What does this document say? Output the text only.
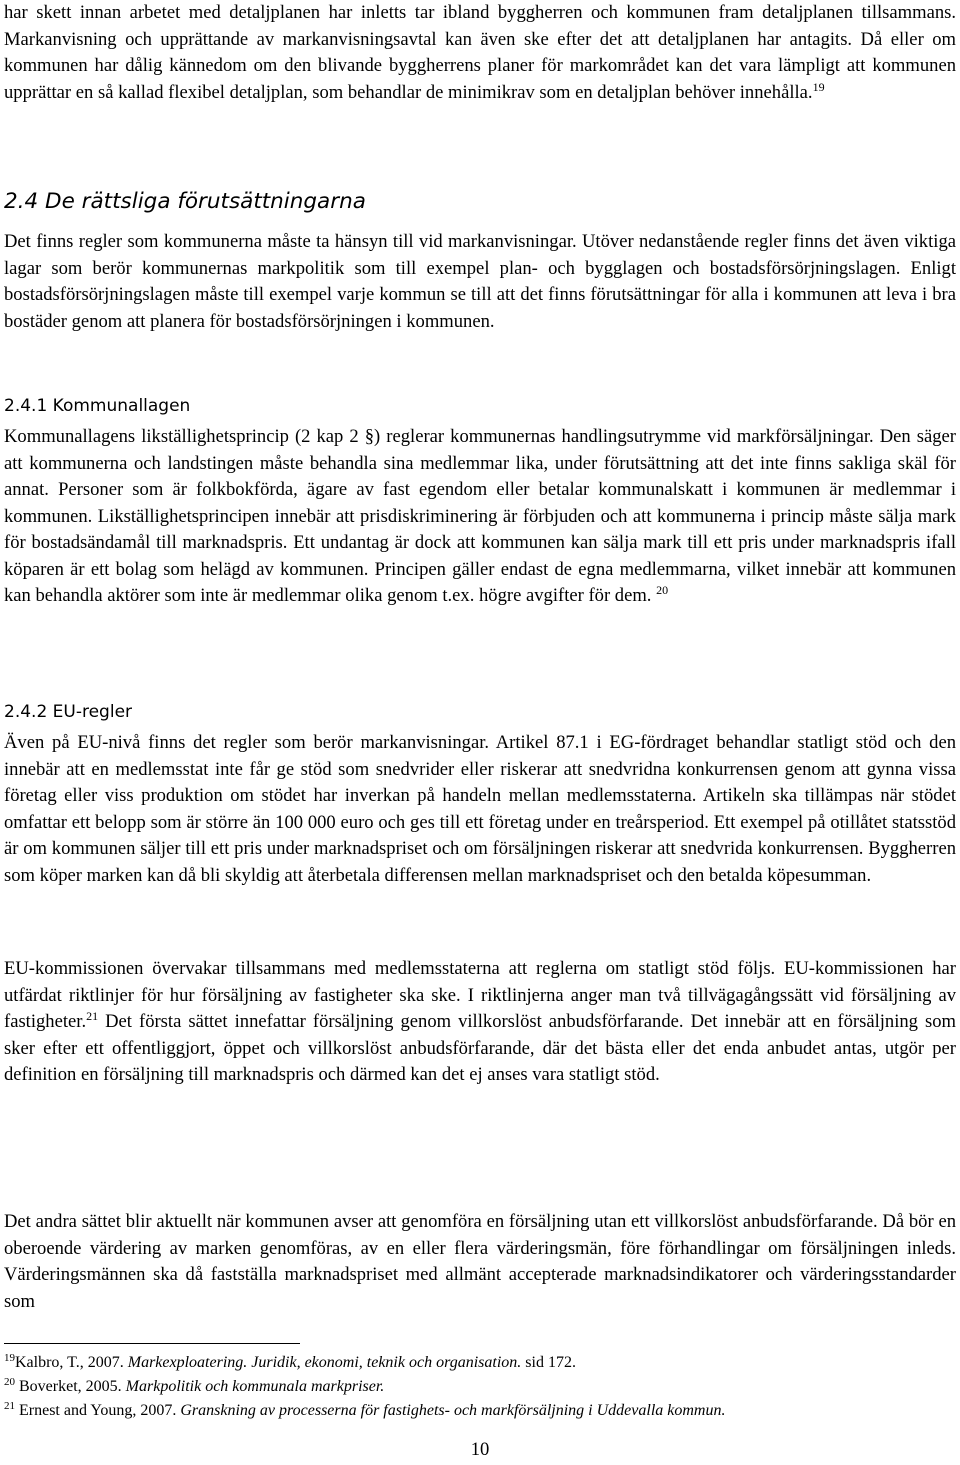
har skett innan arbetet med detaljplanen har inletts tar ibland byggherren och kommunen fram detaljplanen tillsammans. Markanvisning och upprättande av markanvisningsavtal kan även ske efter det att detaljplanen har antagits. Då eller om kommunen har dålig kännedom om den blivande byggherrens planer för markområdet kan det vara lämpligt att kommunen upprättar en så kallad flexibel detaljplan, som behandlar de minimikrav som en detaljplan behöver innehålla.$^{19}$

2.4 De rättsliga förutsättningarna

Det finns regler som kommunerna måste ta hänsyn till vid markanvisningar. Utöver nedanstående regler finns det även viktiga lagar som berör kommunernas markpolitik som till exempel plan- och bygglagen och bostadsförsörjningslagen. Enligt bostadsförsörjningslagen måste till exempel varje kommun se till att det finns förutsättningar för alla i kommunen att leva i bra bostäder genom att planera för bostadsförsörjningen i kommunen.

2.4.1 Kommunallagen

Kommunallagens likställighetsprincip (2 kap 2 §) reglerar kommunernas handlingsutrymme vid markförsäljningar. Den säger att kommunerna och landstingen måste behandla sina medlemmar lika, under förutsättning att det inte finns sakliga skäl för annat. Personer som är folkbokförda, ägare av fast egendom eller betalar kommunalskatt i kommunen är medlemmar i kommunen. Likställighetsprincipen innebär att prisdiskriminering är förbjuden och att kommunerna i princip måste sälja mark för bostadsändamål till marknadspris. Ett undantag är dock att kommunen kan sälja mark till ett pris under marknadspris ifall köparen är ett bolag som helägd av kommunen. Principen gäller endast de egna medlemmarna, vilket innebär att kommunen kan behandla aktörer som inte är medlemmar olika genom t.ex. högre avgifter för dem. $^{20}$

2.4.2 EU-regler

Även på EU-nivå finns det regler som berör markanvisningar. Artikel 87.1 i EG-fördraget behandlar statligt stöd och den innebär att en medlemsstat inte får ge stöd som snedvrider eller riskerar att snedvridna konkurrensen genom att gynna vissa företag eller viss produktion om stödet har inverkan på handeln mellan medlemsstaterna. Artikeln ska tillämpas när stödet omfattar ett belopp som är större än 100 000 euro och ges till ett företag under en treårsperiod. Ett exempel på otillåtet statsstöd är om kommunen säljer till ett pris under marknadspriset och om försäljningen riskerar att snedvrida konkurrensen. Byggherren som köper marken kan då bli skyldig att återbetala differensen mellan marknadspriset och den betalda köpesumman.

EU-kommissionen övervakar tillsammans med medlemsstaterna att reglerna om statligt stöd följs. EU-kommissionen har utfärdat riktlinjer för hur försäljning av fastigheter ska ske. I riktlinjerna anger man två tillvägagångssätt vid försäljning av fastigheter.$^{21}$ Det första sättet innefattar försäljning genom villkorslöst anbudsförfarande. Det innebär att en försäljning som sker efter ett offentliggjort, öppet och villkorslöst anbudsförfarande, där det bästa eller det enda anbudet antas, utgör per definition en försäljning till marknadspris och därmed kan det ej anses vara statligt stöd.

Det andra sättet blir aktuellt när kommunen avser att genomföra en försäljning utan ett villkorslöst anbudsförfarande. Då bör en oberoende värdering av marken genomföras, av en eller flera värderingsmän, före förhandlingar om försäljningen inleds. Värderingsmännen ska då fastställa marknadspriset med allmänt accepterade marknadsindikatorer och värderingsstandarder som

$^{19}$Kalbro, T., 2007. Markexploatering. Juridik, ekonomi, teknik och organisation. sid 172.

$^{20}$ Boverket, 2005. Markpolitik och kommunala markpriser.

$^{21}$ Ernest and Young, 2007. Granskning av processerna för fastighets- och markförsäljning i Uddevalla kommun.

10
